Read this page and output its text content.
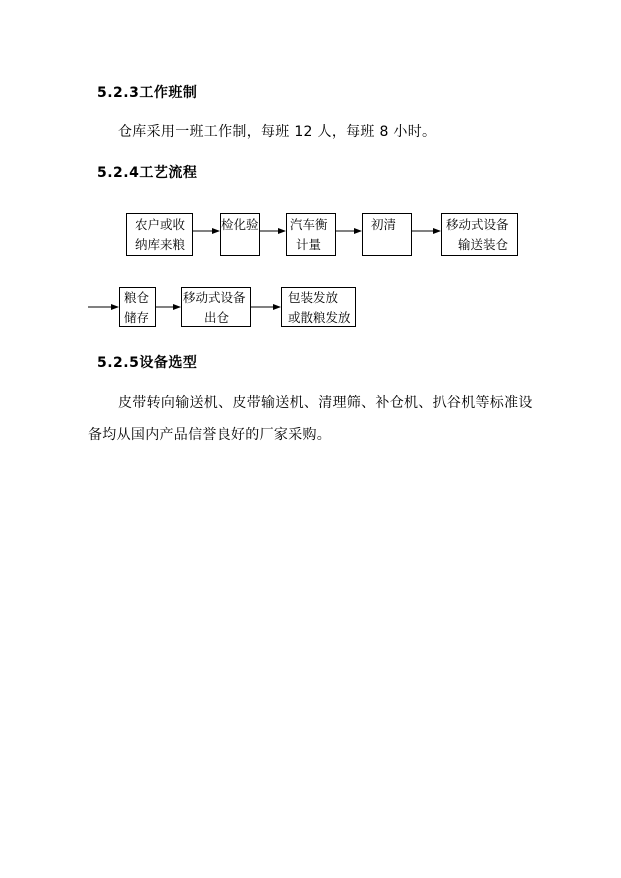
5.2.3工作班制
仓库采用一班工作制，每班 12 人，每班 8 小时。
5.2.4工艺流程
农户或收
纳库来粮
检化验	汽车衡
计量
初清	移动式设备
输送装仓
粮仓
储存
移动式设备
出仓
包装发放
或散粮发放
5.2.5设备选型
皮带转向输送机、皮带输送机、清理筛、补仓机、扒谷机等标准设
备均从国内产品信誉良好的厂家采购。
